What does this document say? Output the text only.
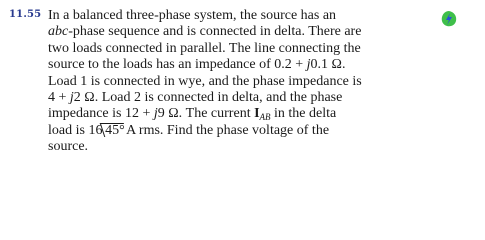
11.55 In a balanced three-phase system, the source has an
abc-phase sequence and is connected in delta. There are
two loads connected in parallel. The line connecting the
source to the loads has an impedance of 0.2 + j0.1 Ω.
Load 1 is connected in wye, and the phase impedance is
4 + j2 Ω. Load 2 is connected in delta, and the phase
impedance is 12 + j9 Ω. The current $I_{AB}$ in the delta
load is 16 45°A rms. Find the phase voltage of the
source.
